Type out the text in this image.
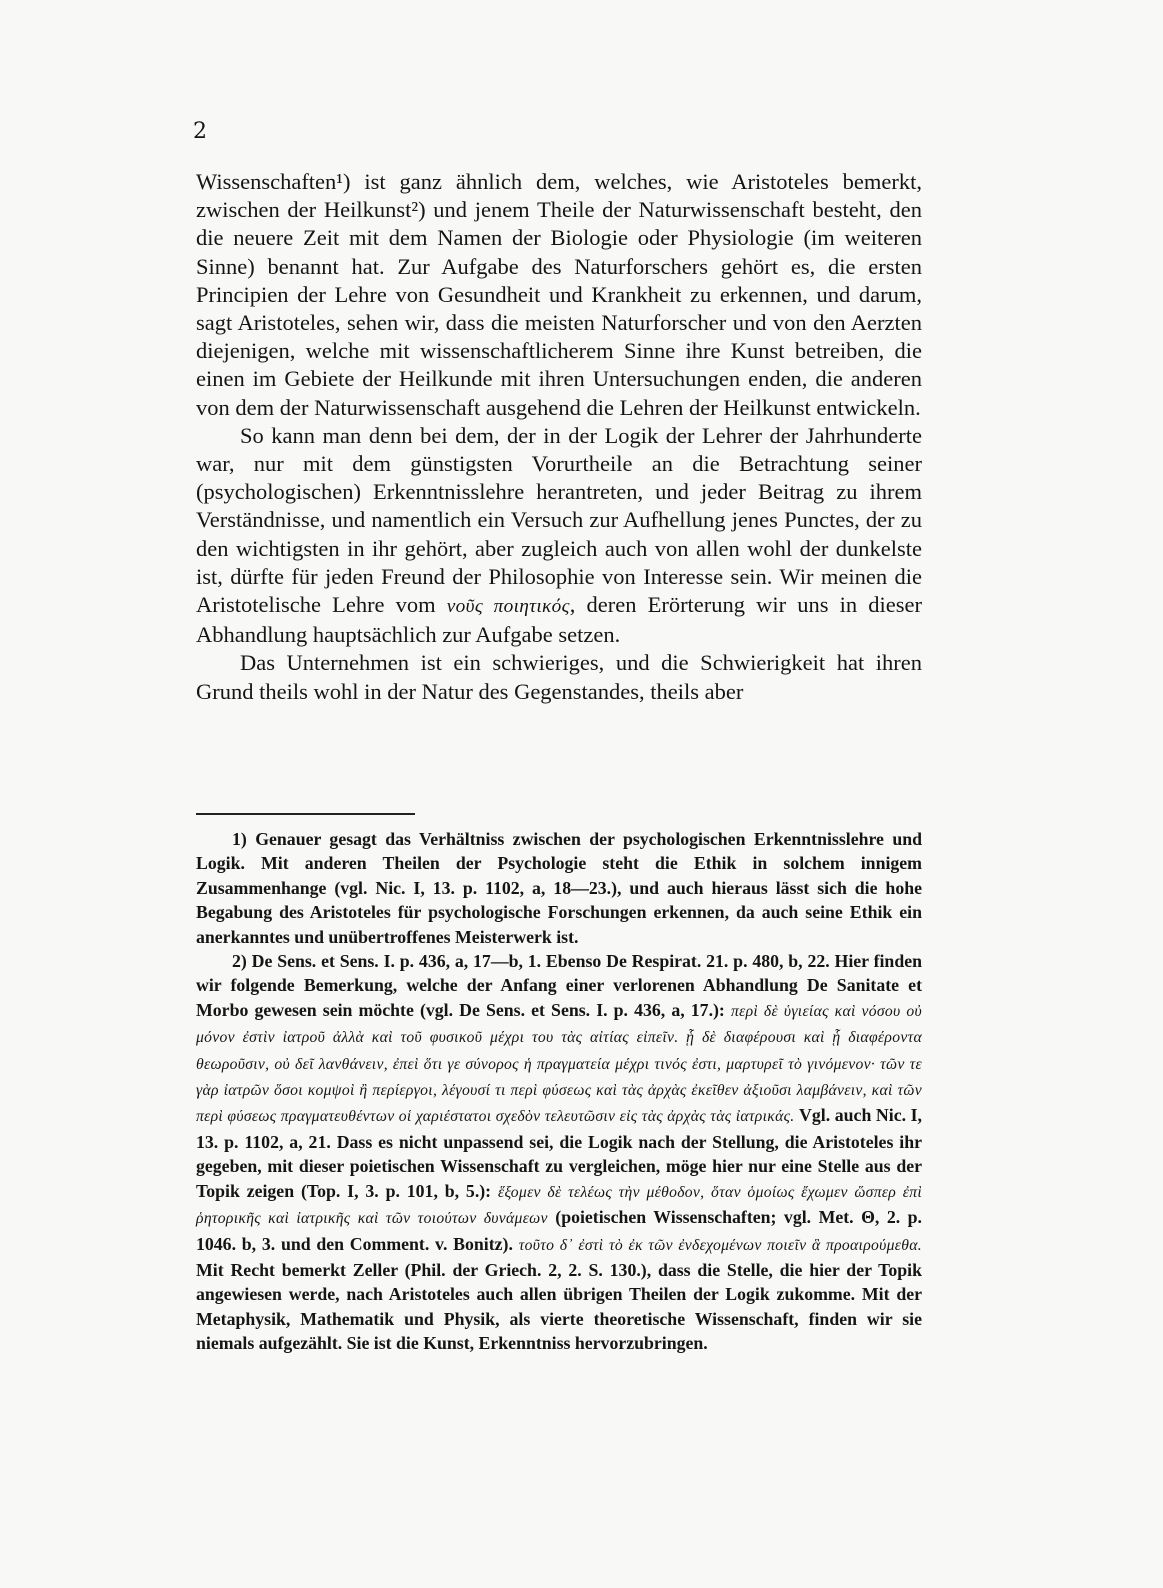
2

Wissenschaften¹) ist ganz ähnlich dem, welches, wie Aristoteles bemerkt, zwischen der Heilkunst²) und jenem Theile der Naturwissenschaft besteht, den die neuere Zeit mit dem Namen der Biologie oder Physiologie (im weiteren Sinne) benannt hat. Zur Aufgabe des Naturforschers gehört es, die ersten Principien der Lehre von Gesundheit und Krankheit zu erkennen, und darum, sagt Aristoteles, sehen wir, dass die meisten Naturforscher und von den Aerzten diejenigen, welche mit wissenschaftlicherem Sinne ihre Kunst betreiben, die einen im Gebiete der Heilkunde mit ihren Untersuchungen enden, die anderen von dem der Naturwissenschaft ausgehend die Lehren der Heilkunst entwickeln.

So kann man denn bei dem, der in der Logik der Lehrer der Jahrhunderte war, nur mit dem günstigsten Vorurtheile an die Betrachtung seiner (psychologischen) Erkenntnisslehre herantreten, und jeder Beitrag zu ihrem Verständnisse, und namentlich ein Versuch zur Aufhellung jenes Punctes, der zu den wichtigsten in ihr gehört, aber zugleich auch von allen wohl der dunkelste ist, dürfte für jeden Freund der Philosophie von Interesse sein. Wir meinen die Aristotelische Lehre vom νοῦς ποιητικός, deren Erörterung wir uns in dieser Abhandlung hauptsächlich zur Aufgabe setzen.

Das Unternehmen ist ein schwieriges, und die Schwierigkeit hat ihren Grund theils wohl in der Natur des Gegenstandes, theils aber

1) Genauer gesagt das Verhältniss zwischen der psychologischen Erkenntnisslehre und Logik. Mit anderen Theilen der Psychologie steht die Ethik in solchem innigem Zusammenhange (vgl. Nic. I, 13. p. 1102, a, 18—23.), und auch hieraus lässt sich die hohe Begabung des Aristoteles für psychologische Forschungen erkennen, da auch seine Ethik ein anerkanntes und unübertroffenes Meisterwerk ist.

2) De Sens. et Sens. I. p. 436, a, 17—b, 1. Ebenso De Respirat. 21. p. 480, b, 22. Hier finden wir folgende Bemerkung, welche der Anfang einer verlorenen Abhandlung De Sanitate et Morbo gewesen sein möchte (vgl. De Sens. et Sens. I. p. 436, a, 17.): περὶ δὲ ὑγιείας καὶ νόσου οὐ μόνον ἐστὶν ἰατροῦ ἀλλὰ καὶ τοῦ φυσικοῦ μέχρι του τὰς αἰτίας εἰπεῖν. ᾗ δὲ διαφέρουσι καὶ ᾗ διαφέροντα θεωροῦσιν, οὐ δεῖ λανθάνειν, ἐπεὶ ὅτι γε σύνορος ἡ πραγματεία μέχρι τινός ἐστι, μαρτυρεῖ τὸ γινόμενον· τῶν τε γὰρ ἰατρῶν ὅσοι κομψοὶ ἢ περίεργοι, λέγουσί τι περὶ φύσεως καὶ τὰς ἀρχὰς ἐκεῖθεν ἀξιοῦσι λαμβάνειν, καὶ τῶν περὶ φύσεως πραγματευθέντων οἱ χαριέστατοι σχεδὸν τελευτῶσιν εἰς τὰς ἀρχὰς τὰς ἰατρικάς. Vgl. auch Nic. I, 13. p. 1102, a, 21. Dass es nicht unpassend sei, die Logik nach der Stellung, die Aristoteles ihr gegeben, mit dieser poietischen Wissenschaft zu vergleichen, möge hier nur eine Stelle aus der Topik zeigen (Top. I, 3. p. 101, b, 5.): ἕξομεν δὲ τελέως τὴν μέθοδον, ὅταν ὁμοίως ἔχωμεν ὥσπερ ἐπὶ ῥητορικῆς καὶ ἰατρικῆς καὶ τῶν τοιούτων δυνάμεων (poietischen Wissenschaften; vgl. Met. Θ, 2. p. 1046. b, 3. und den Comment. v. Bonitz). τοῦτο δ᾽ ἐστὶ τὸ ἐκ τῶν ἐνδεχομένων ποιεῖν ἃ προαιρούμεθα. Mit Recht bemerkt Zeller (Phil. der Griech. 2, 2. S. 130.), dass die Stelle, die hier der Topik angewiesen werde, nach Aristoteles auch allen übrigen Theilen der Logik zukomme. Mit der Metaphysik, Mathematik und Physik, als vierte theoretische Wissenschaft, finden wir sie niemals aufgezählt. Sie ist die Kunst, Erkenntniss hervorzubringen.
